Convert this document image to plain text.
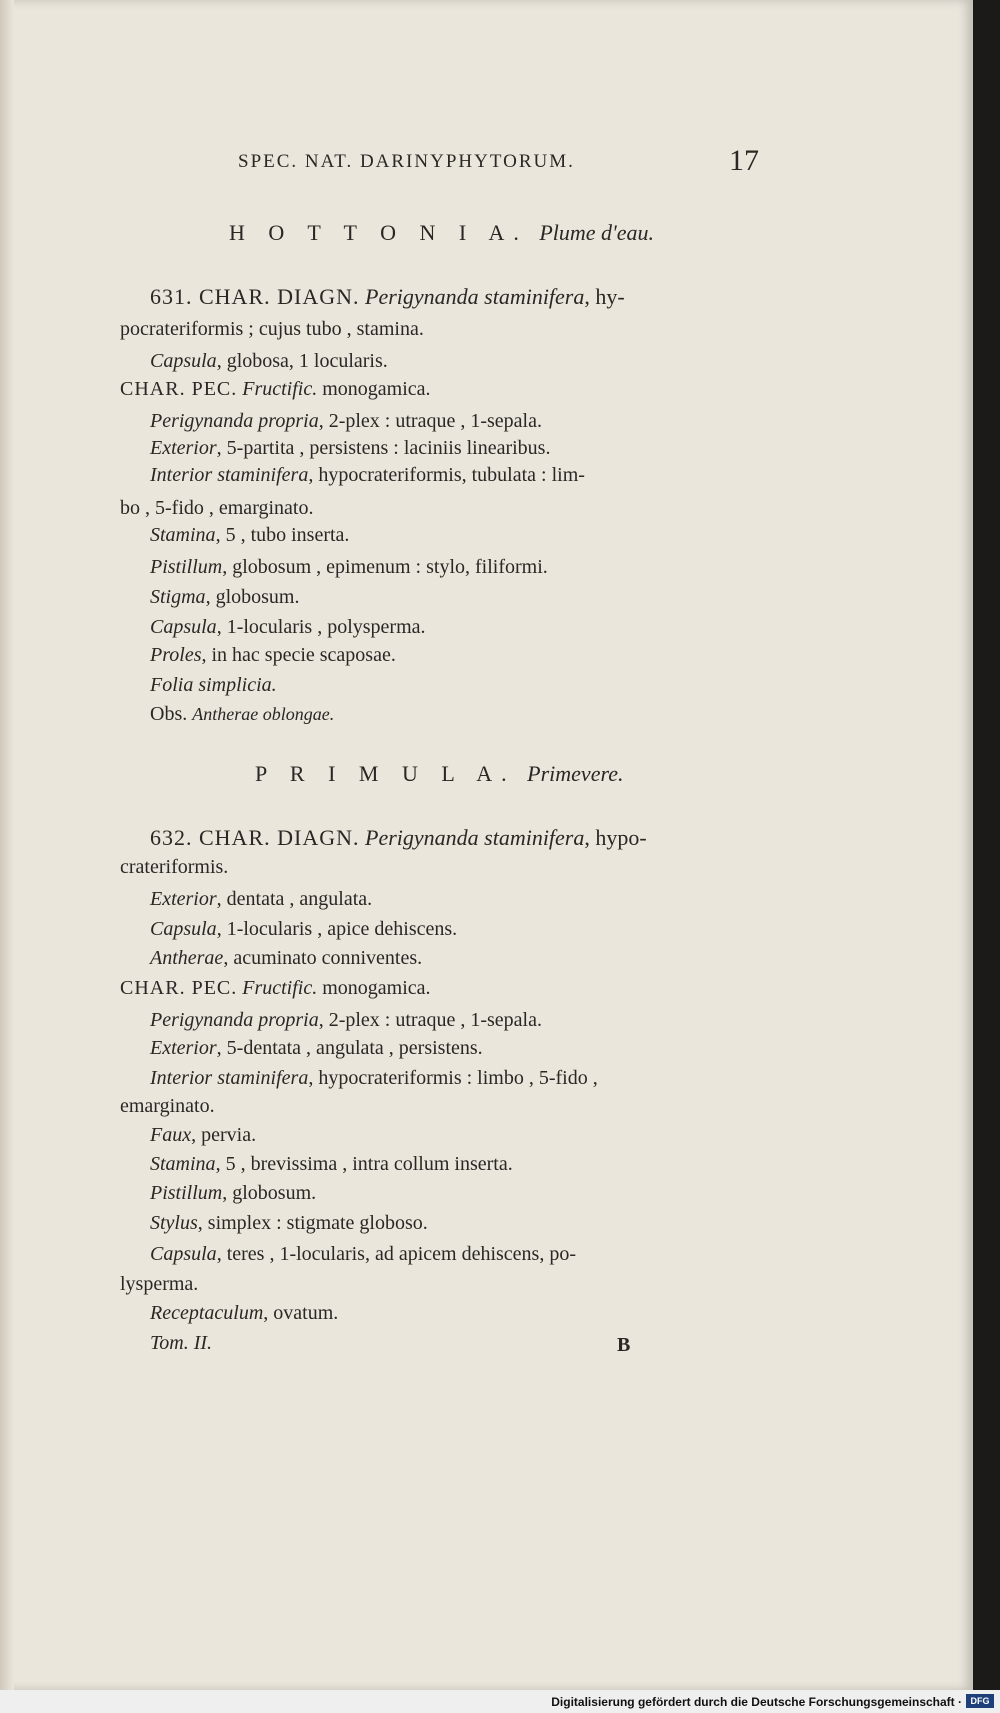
SPEC. NAT. DARINYPHYTORUM.	17
H O T T O N I A. Plume d'eau.
631. CHAR. DIAGN. Perigynanda staminifera, hy-
pocrateriformis ; cujus tubo , stamina.
Capsula, globosa, 1 locularis.
CHAR. PEC. Fructific. monogamica.
Perigynanda propria, 2-plex : utraque , 1-sepala.
Exterior, 5-partita , persistens : laciniis linearibus.
Interior staminifera, hypocrateriformis, tubulata : lim-
bo , 5-fido , emarginato.
Stamina, 5 , tubo inserta.
Pistillum, globosum , epimenum : stylo, filiformi.
Stigma, globosum.
Capsula, 1-locularis , polysperma.
Proles, in hac specie scaposae.
Folia simplicia.
Obs. Antherae oblongae.
P R I M U L A. Primevere.
632. CHAR. DIAGN. Perigynanda staminifera, hypo-
crateriformis.
Exterior, dentata , angulata.
Capsula, 1-locularis , apice dehiscens.
Antherae, acuminato conniventes.
CHAR. PEC. Fructific. monogamica.
Perigynanda propria, 2-plex : utraque , 1-sepala.
Exterior, 5-dentata , angulata , persistens.
Interior staminifera, hypocrateriformis : limbo , 5-fido ,
emarginato.
Faux, pervia.
Stamina, 5 , brevissima , intra collum inserta.
Pistillum, globosum.
Stylus, simplex : stigmate globoso.
Capsula, teres , 1-locularis, ad apicem dehiscens, po-
lysperma.
Receptaculum, ovatum.
Tom. II.	B
Digitalisierung gefördert durch die Deutsche Forschungsgemeinschaft · DFG
